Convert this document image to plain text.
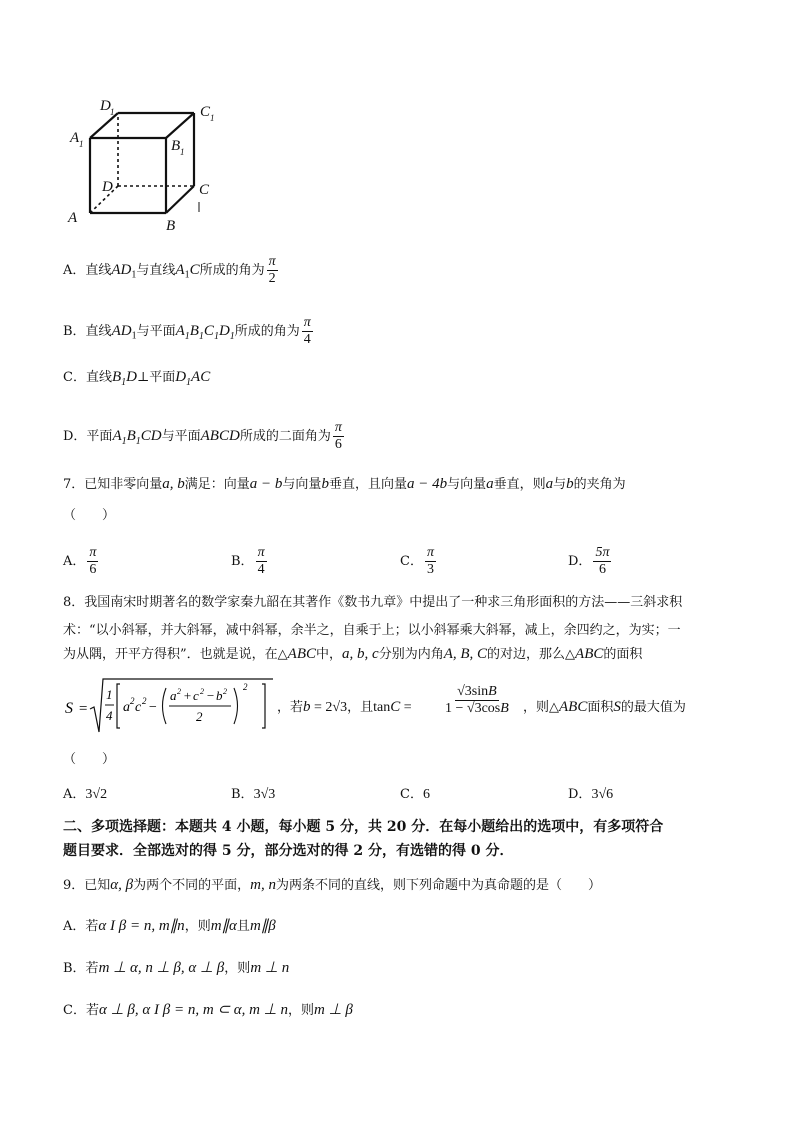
A	B
C
D
A 1	B 1
C 1
D 1
A．直线$AD_1$与直线$A_1C$所成的角为 $\frac{\pi}{2}$
B．直线$AD_1$与平面$A_1B_1C_1D_1$所成的角为 $\frac{\pi}{4}$
C．直线$B_1D\perp$平面$D_1AC$
D．平面$A_1B_1CD$与平面ABCD所成的二面角为 $\frac{\pi}{6}$
7．已知非零向量a, b满足：向量a − b与向量b垂直，且向量a − 4b与向量a垂直，则a与b的夹角为
（　　）
A． $\frac{\pi}{6}$	B． $\frac{\pi}{4}$	C． $\frac{\pi}{3}$	D． $\frac{5\pi}{6}$
8．我国南宋时期著名的数学家秦九韶在其著作《数书九章》中提出了一种求三角形面积的方法——三斜求积
术：“以小斜幂，并大斜幂，减中斜幂，余半之，自乘于上；以小斜幂乘大斜幂，减上，余四约之，为实；一
为从隅，开平方得积”．也就是说，在△ABC中，a, b, c分别为内角A, B, C的对边，那么△ABC的面积
S =
1
4
a 2 c 2 −
a 2 + c 2 − b 2
2
2
，若b = 2√3，且$\tan C = \frac{√3\sin B}{1 - √3\cos B}$ ，则△ABC面积S的最大值为
（　　）
A．3√2	B．3√3	C．6	D．3√6
二、多项选择题：本题共 4 小题，每小题 5 分，共 20 分．在每小题给出的选项中，有多项符合
题目要求．全部选对的得 5 分，部分选对的得 2 分，有选错的得 0 分．
9．已知α, β为两个不同的平面，m, n为两条不同的直线，则下列命题中为真命题的是（　　）
A．若α I β = n, m∥n，则m∥α且m∥β
B．若m ⊥ α, n ⊥ β, α ⊥ β，则m ⊥ n
C．若α ⊥ β, α I β = n, m ⊂ α, m ⊥ n，则m ⊥ β
